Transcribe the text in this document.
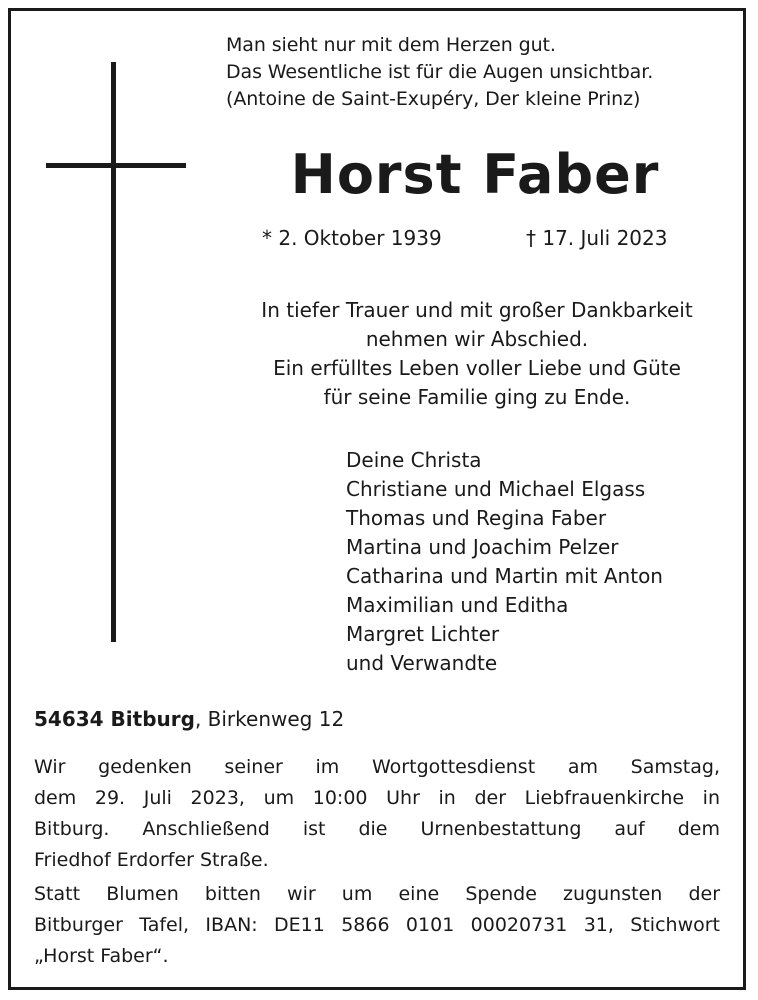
Man sieht nur mit dem Herzen gut.
Das Wesentliche ist für die Augen unsichtbar.
(Antoine de Saint-Exupéry, Der kleine Prinz)
Horst Faber
* 2. Oktober 1939	† 17. Juli 2023
In tiefer Trauer und mit großer Dankbarkeit
nehmen wir Abschied.
Ein erfülltes Leben voller Liebe und Güte
für seine Familie ging zu Ende.
Deine Christa
Christiane und Michael Elgass
Thomas und Regina Faber
Martina und Joachim Pelzer
Catharina und Martin mit Anton
Maximilian und Editha
Margret Lichter
und Verwandte
54634 Bitburg, Birkenweg 12
Wir gedenken seiner im Wortgottesdienst am Samstag,
dem 29. Juli 2023, um 10:00 Uhr in der Liebfrauenkirche in
Bitburg. Anschließend ist die Urnenbestattung auf dem
Friedhof Erdorfer Straße.
Statt Blumen bitten wir um eine Spende zugunsten der
Bitburger Tafel, IBAN: DE11 5866 0101 00020731 31, Stichwort
„Horst Faber“.
